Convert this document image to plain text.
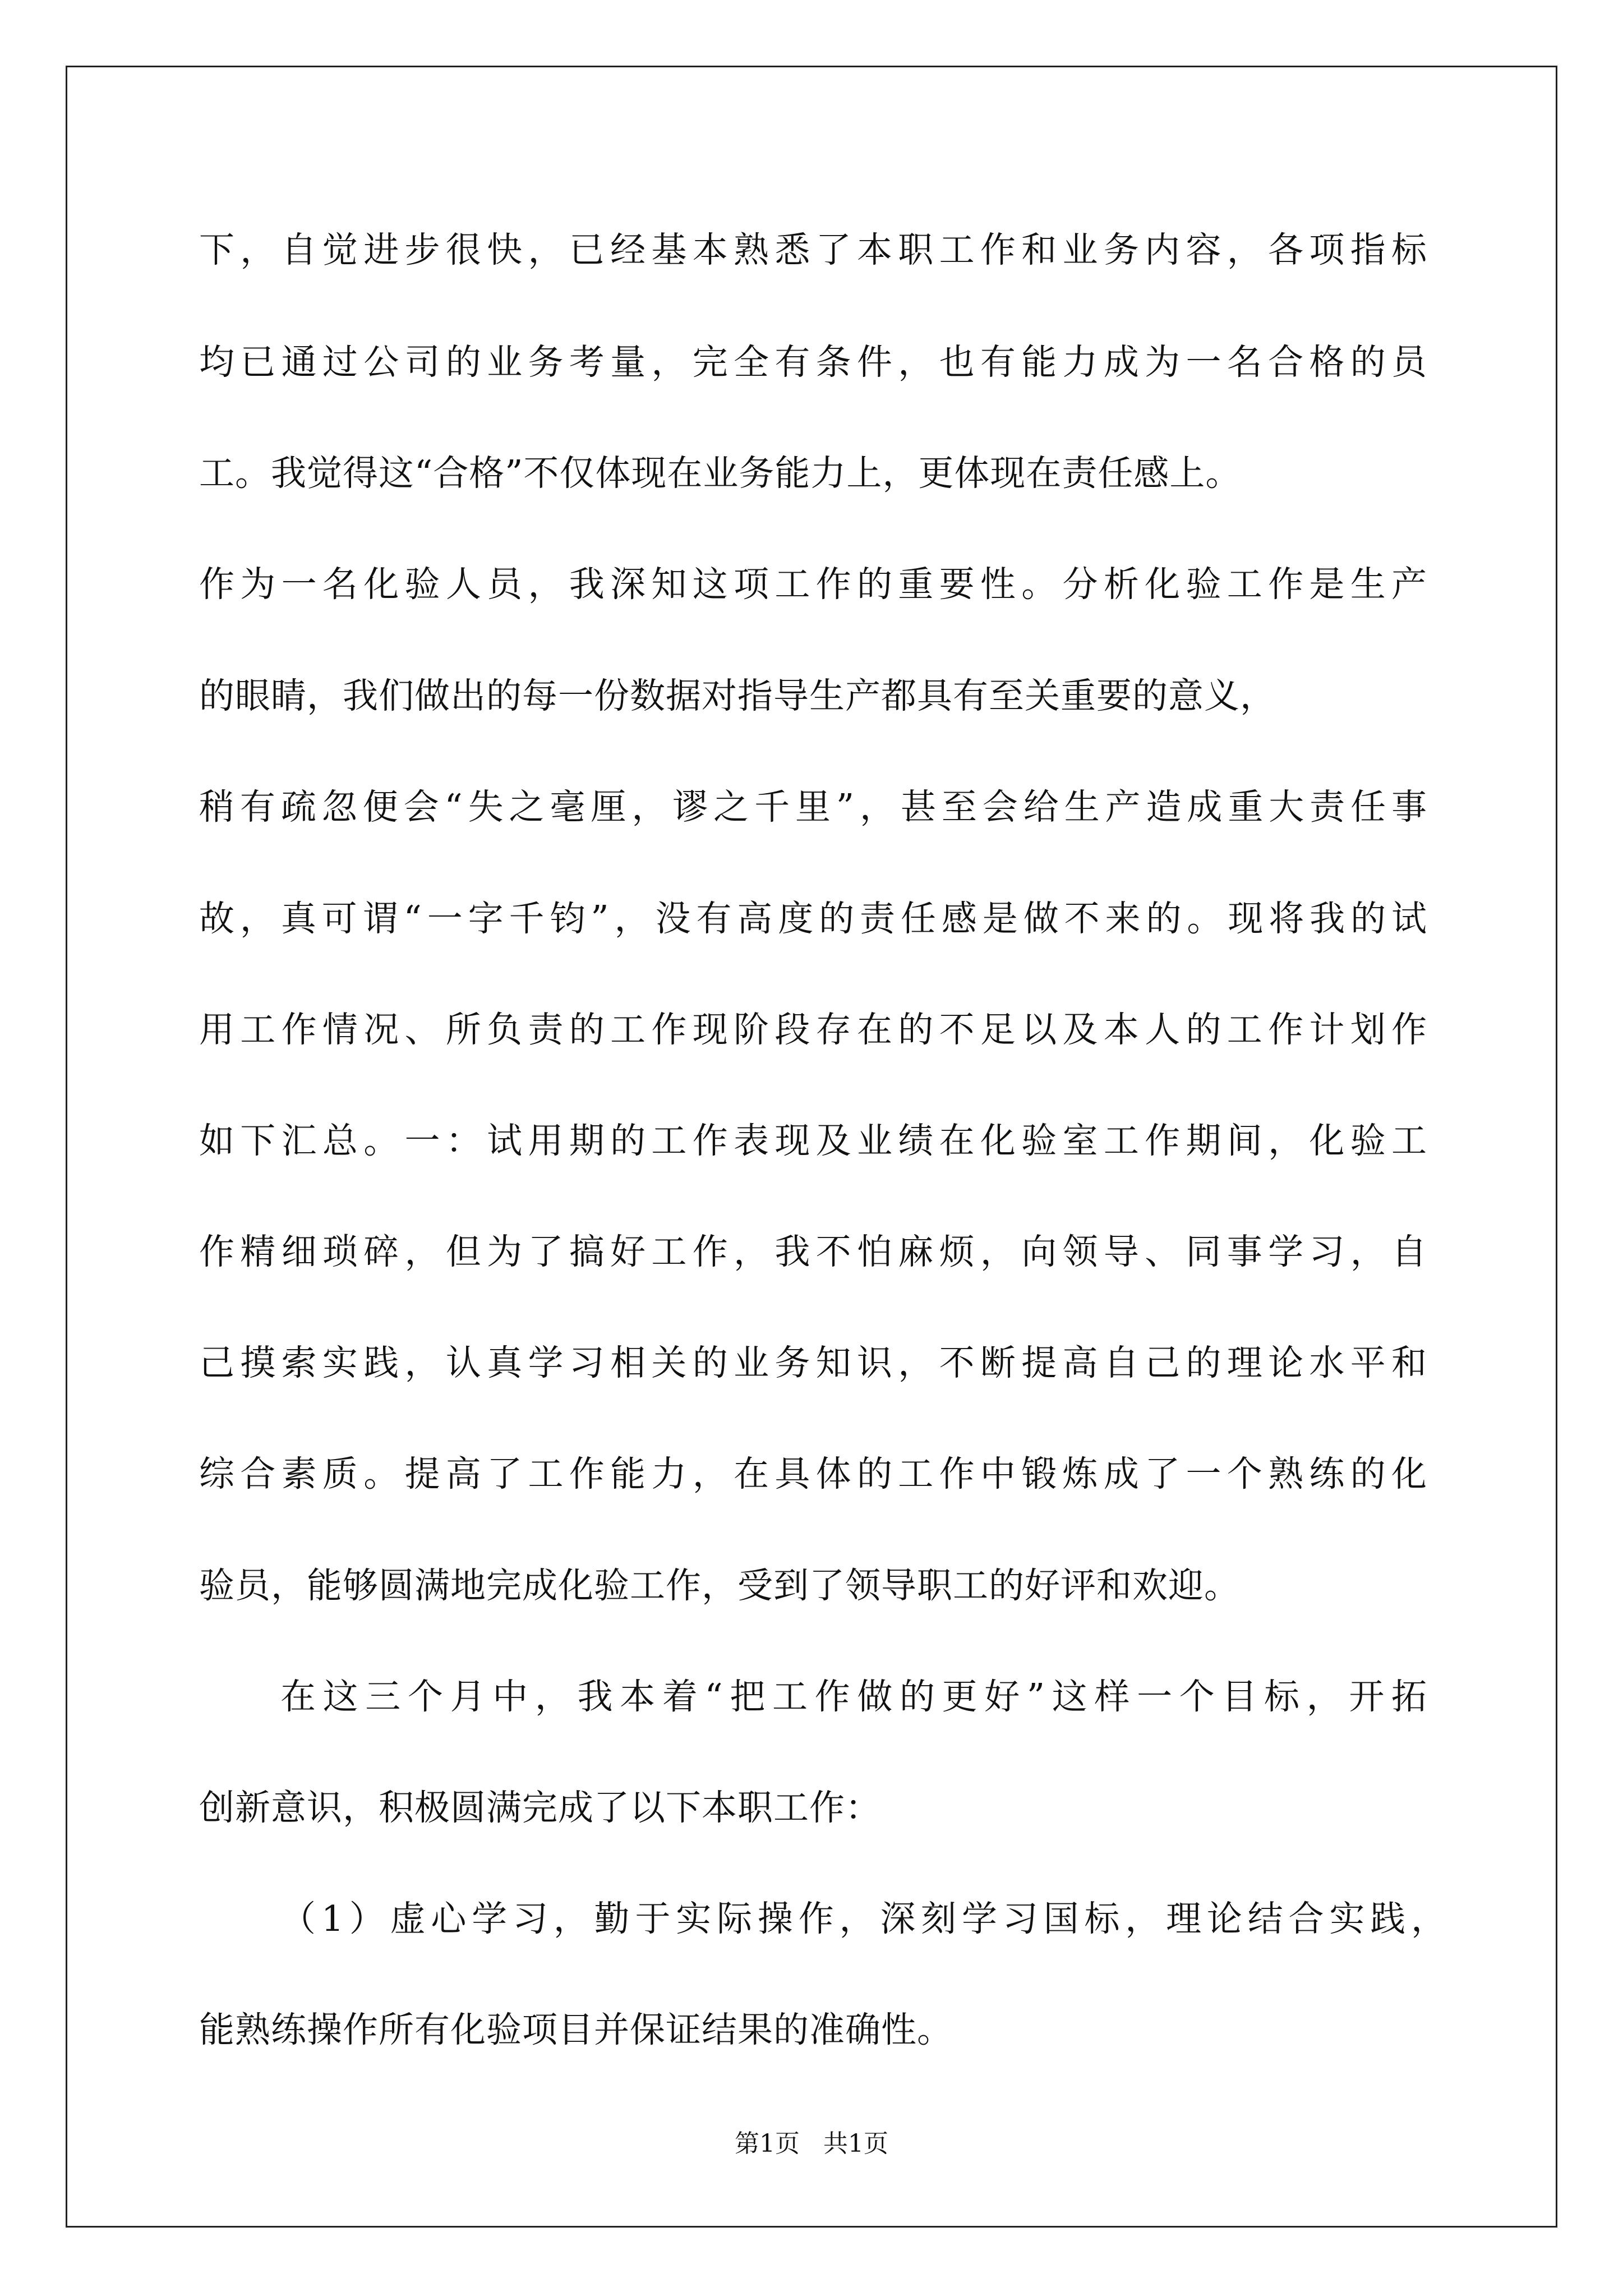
下，自觉进步很快，已经基本熟悉了本职工作和业务内容，各项指标
均已通过公司的业务考量，完全有条件，也有能力成为一名合格的员
工。我觉得这“合格”不仅体现在业务能力上，更体现在责任感上。
作为一名化验人员，我深知这项工作的重要性。分析化验工作是生产
的眼睛，我们做出的每一份数据对指导生产都具有至关重要的意义，
稍有疏忽便会“失之毫厘，谬之千里”，甚至会给生产造成重大责任事
故，真可谓“一字千钧”，没有高度的责任感是做不来的。现将我的试
用工作情况、所负责的工作现阶段存在的不足以及本人的工作计划作
如下汇总。一：试用期的工作表现及业绩在化验室工作期间，化验工
作精细琐碎，但为了搞好工作，我不怕麻烦，向领导、同事学习，自
己摸索实践，认真学习相关的业务知识，不断提高自己的理论水平和
综合素质。提高了工作能力，在具体的工作中锻炼成了一个熟练的化
验员，能够圆满地完成化验工作，受到了领导职工的好评和欢迎。
在这三个月中，我本着“把工作做的更好”这样一个目标，开拓
创新意识，积极圆满完成了以下本职工作：
（1）虚心学习，勤于实际操作，深刻学习国标，理论结合实践，
能熟练操作所有化验项目并保证结果的准确性。
第1页   共1页
